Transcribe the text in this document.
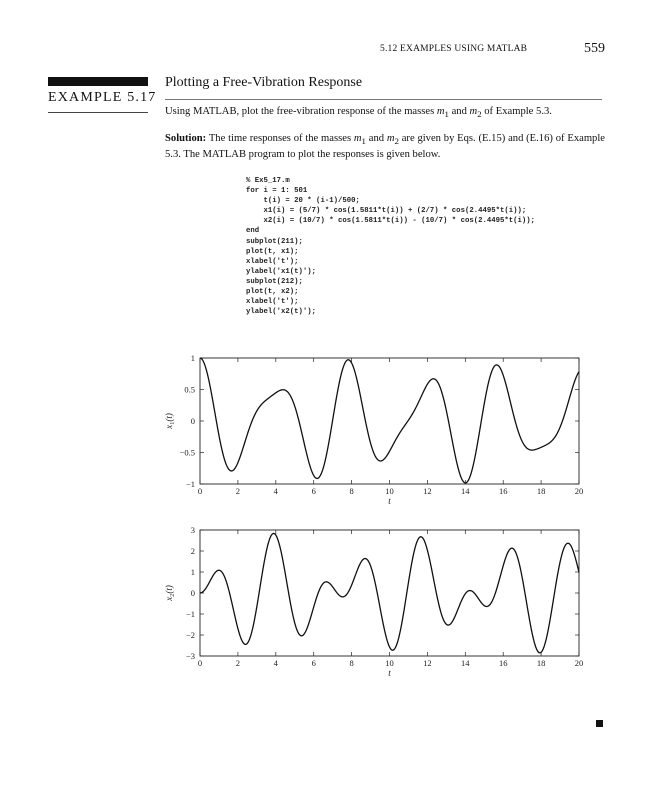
5.12 EXAMPLES USING MATLAB	559
EXAMPLE 5.17
Plotting a Free-Vibration Response
Using MATLAB, plot the free-vibration response of the masses $m_1$ and $m_2$ of Example 5.3.
Solution: The time responses of the masses $m_1$ and $m_2$ are given by Eqs. (E.15) and (E.16) of Example 5.3. The MATLAB program to plot the responses is given below.
% Ex5_17.m
for i = 1: 501
t(i) = 20 * (i-1)/500;
x1(i) = (5/7) * cos(1.5811*t(i)) + (2/7) * cos(2.4495*t(i));
x2(i) = (10/7) * cos(1.5811*t(i)) - (10/7) * cos(2.4495*t(i));
end
subplot(211);
plot(t, x1);
xlabel('t');
ylabel('x1(t)');
subplot(212);
plot(t, x2);
xlabel('t');
ylabel('x2(t)');
0	2	4	6	8	10	12	14	16	18	20
1
0.5
0
−0.5
−1
t
$x_1(t)$
0	2	4	6	8	10	12	14	16	18	20
3
2
1
0
−1
−2
−3
t
$x_2(t)$
